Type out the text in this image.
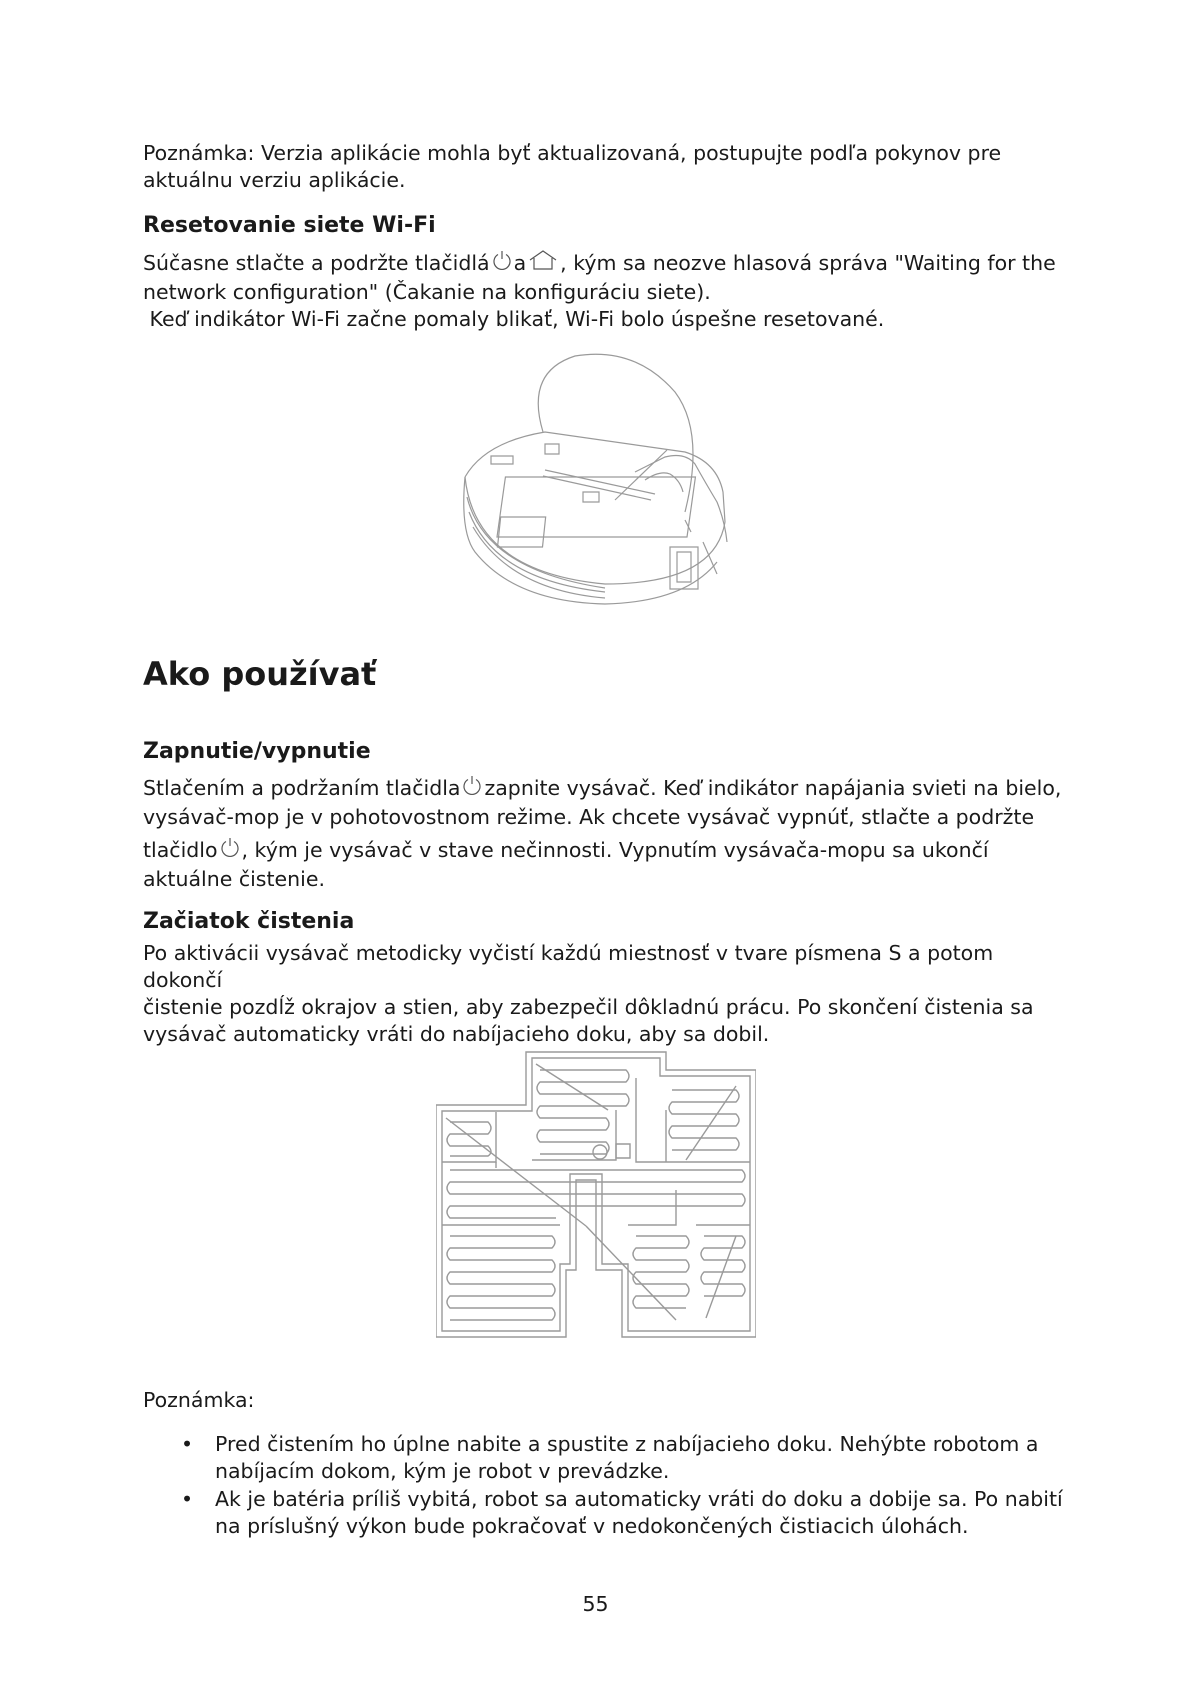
Poznámka: Verzia aplikácie mohla byť aktualizovaná, postupujte podľa pokynov pre
aktuálnu verziu aplikácie.
Resetovanie siete Wi-Fi
Súčasne stlačte a podržte tlačidlá a , kým sa neozve hlasová správa "Waiting for the
network configuration" (Čakanie na konfiguráciu siete).
Keď indikátor Wi-Fi začne pomaly blikať, Wi-Fi bolo úspešne resetované.
Ako používať
Zapnutie/vypnutie
Stlačením a podržaním tlačidla zapnite vysávač. Keď indikátor napájania svieti na bielo,
vysávač-mop je v pohotovostnom režime. Ak chcete vysávač vypnúť, stlačte a podržte
tlačidlo , kým je vysávač v stave nečinnosti. Vypnutím vysávača-mopu sa ukončí
aktuálne čistenie.
Začiatok čistenia
Po aktivácii vysávač metodicky vyčistí každú miestnosť v tvare písmena S a potom dokončí
čistenie pozdĺž okrajov a stien, aby zabezpečil dôkladnú prácu. Po skončení čistenia sa
vysávač automaticky vráti do nabíjacieho doku, aby sa dobil.
Poznámka:
• Pred čistením ho úplne nabite a spustite z nabíjacieho doku. Nehýbte robotom a
nabíjacím dokom, kým je robot v prevádzke.
• Ak je batéria príliš vybitá, robot sa automaticky vráti do doku a dobije sa. Po nabití
na príslušný výkon bude pokračovať v nedokončených čistiacich úlohách.
55
